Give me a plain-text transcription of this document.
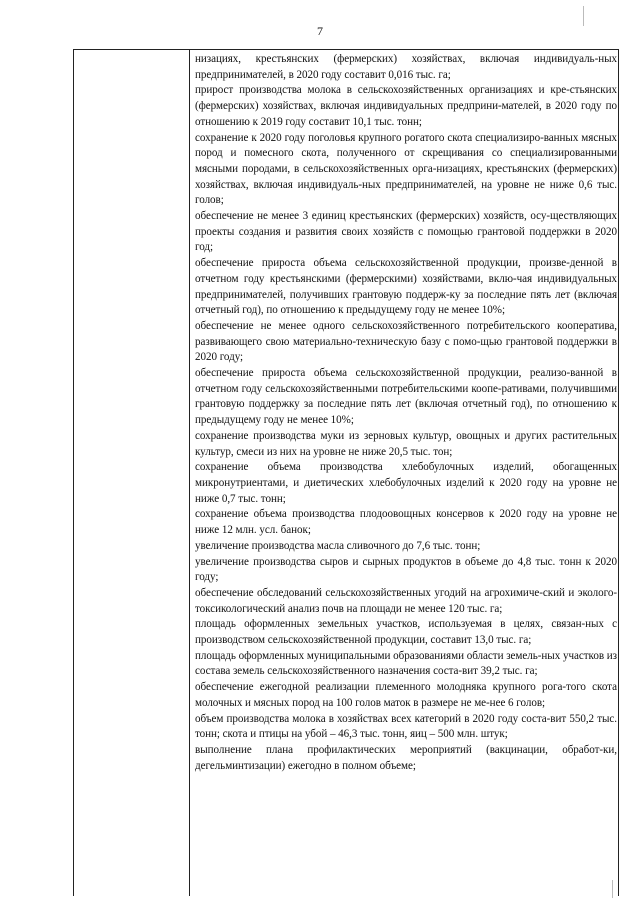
7

низациях, крестьянских (фермерских) хозяйствах, включая индивидуаль-ных предпринимателей, в 2020 году составит 0,016 тыс. га;

прирост производства молока в сельскохозяйственных организациях и кре-стьянских (фермерских) хозяйствах, включая индивидуальных предприни-мателей, в 2020 году по отношению к 2019 году составит 10,1 тыс. тонн;

сохранение к 2020 году поголовья крупного рогатого скота специализиро-ванных мясных пород и помесного скота, полученного от скрещивания со специализированными мясными породами, в сельскохозяйственных орга-низациях, крестьянских (фермерских) хозяйствах, включая индивидуаль-ных предпринимателей, на уровне не ниже 0,6 тыс. голов;

обеспечение не менее 3 единиц крестьянских (фермерских) хозяйств, осу-ществляющих проекты создания и развития своих хозяйств с помощью грантовой поддержки в 2020 год;

обеспечение прироста объема сельскохозяйственной продукции, произве-денной в отчетном году крестьянскими (фермерскими) хозяйствами, вклю-чая индивидуальных предпринимателей, получивших грантовую поддерж-ку за последние пять лет (включая отчетный год), по отношению к предыдущему году не менее 10%;

обеспечение не менее одного сельскохозяйственного потребительского кооператива, развивающего свою материально-техническую базу с помо-щью грантовой поддержки в 2020 году;

обеспечение прироста объема сельскохозяйственной продукции, реализо-ванной в отчетном году сельскохозяйственными потребительскими коопе-ративами, получившими грантовую поддержку за последние пять лет (включая отчетный год), по отношению к предыдущему году не менее 10%;

сохранение производства муки из зерновых культур, овощных и других растительных культур, смеси из них на уровне не ниже 20,5 тыс. тон;

сохранение объема производства хлебобулочных изделий, обогащенных микронутриентами, и диетических хлебобулочных изделий к 2020 году на уровне не ниже 0,7 тыс. тонн;

сохранение объема производства плодоовощных консервов к 2020 году на уровне не ниже 12 млн. усл. банок;

увеличение производства масла сливочного до 7,6 тыс. тонн;

увеличение производства сыров и сырных продуктов в объеме до 4,8 тыс. тонн к 2020 году;

обеспечение обследований сельскохозяйственных угодий на агрохимиче-ский и эколого-токсикологический анализ почв на площади не менее 120 тыс. га;

площадь оформленных земельных участков, используемая в целях, связан-ных с производством сельскохозяйственной продукции, составит 13,0 тыс. га;

площадь оформленных муниципальными образованиями области земель-ных участков из состава земель сельскохозяйственного назначения соста-вит 39,2 тыс. га;

обеспечение ежегодной реализации племенного молодняка крупного рога-того скота молочных и мясных пород на 100 голов маток в размере не ме-нее 6 голов;

объем производства молока в хозяйствах всех категорий в 2020 году соста-вит 550,2 тыс. тонн; скота и птицы на убой – 46,3 тыс. тонн, яиц – 500 млн. штук;

выполнение плана профилактических мероприятий (вакцинации, обработ-ки, дегельминтизации) ежегодно в полном объеме;
